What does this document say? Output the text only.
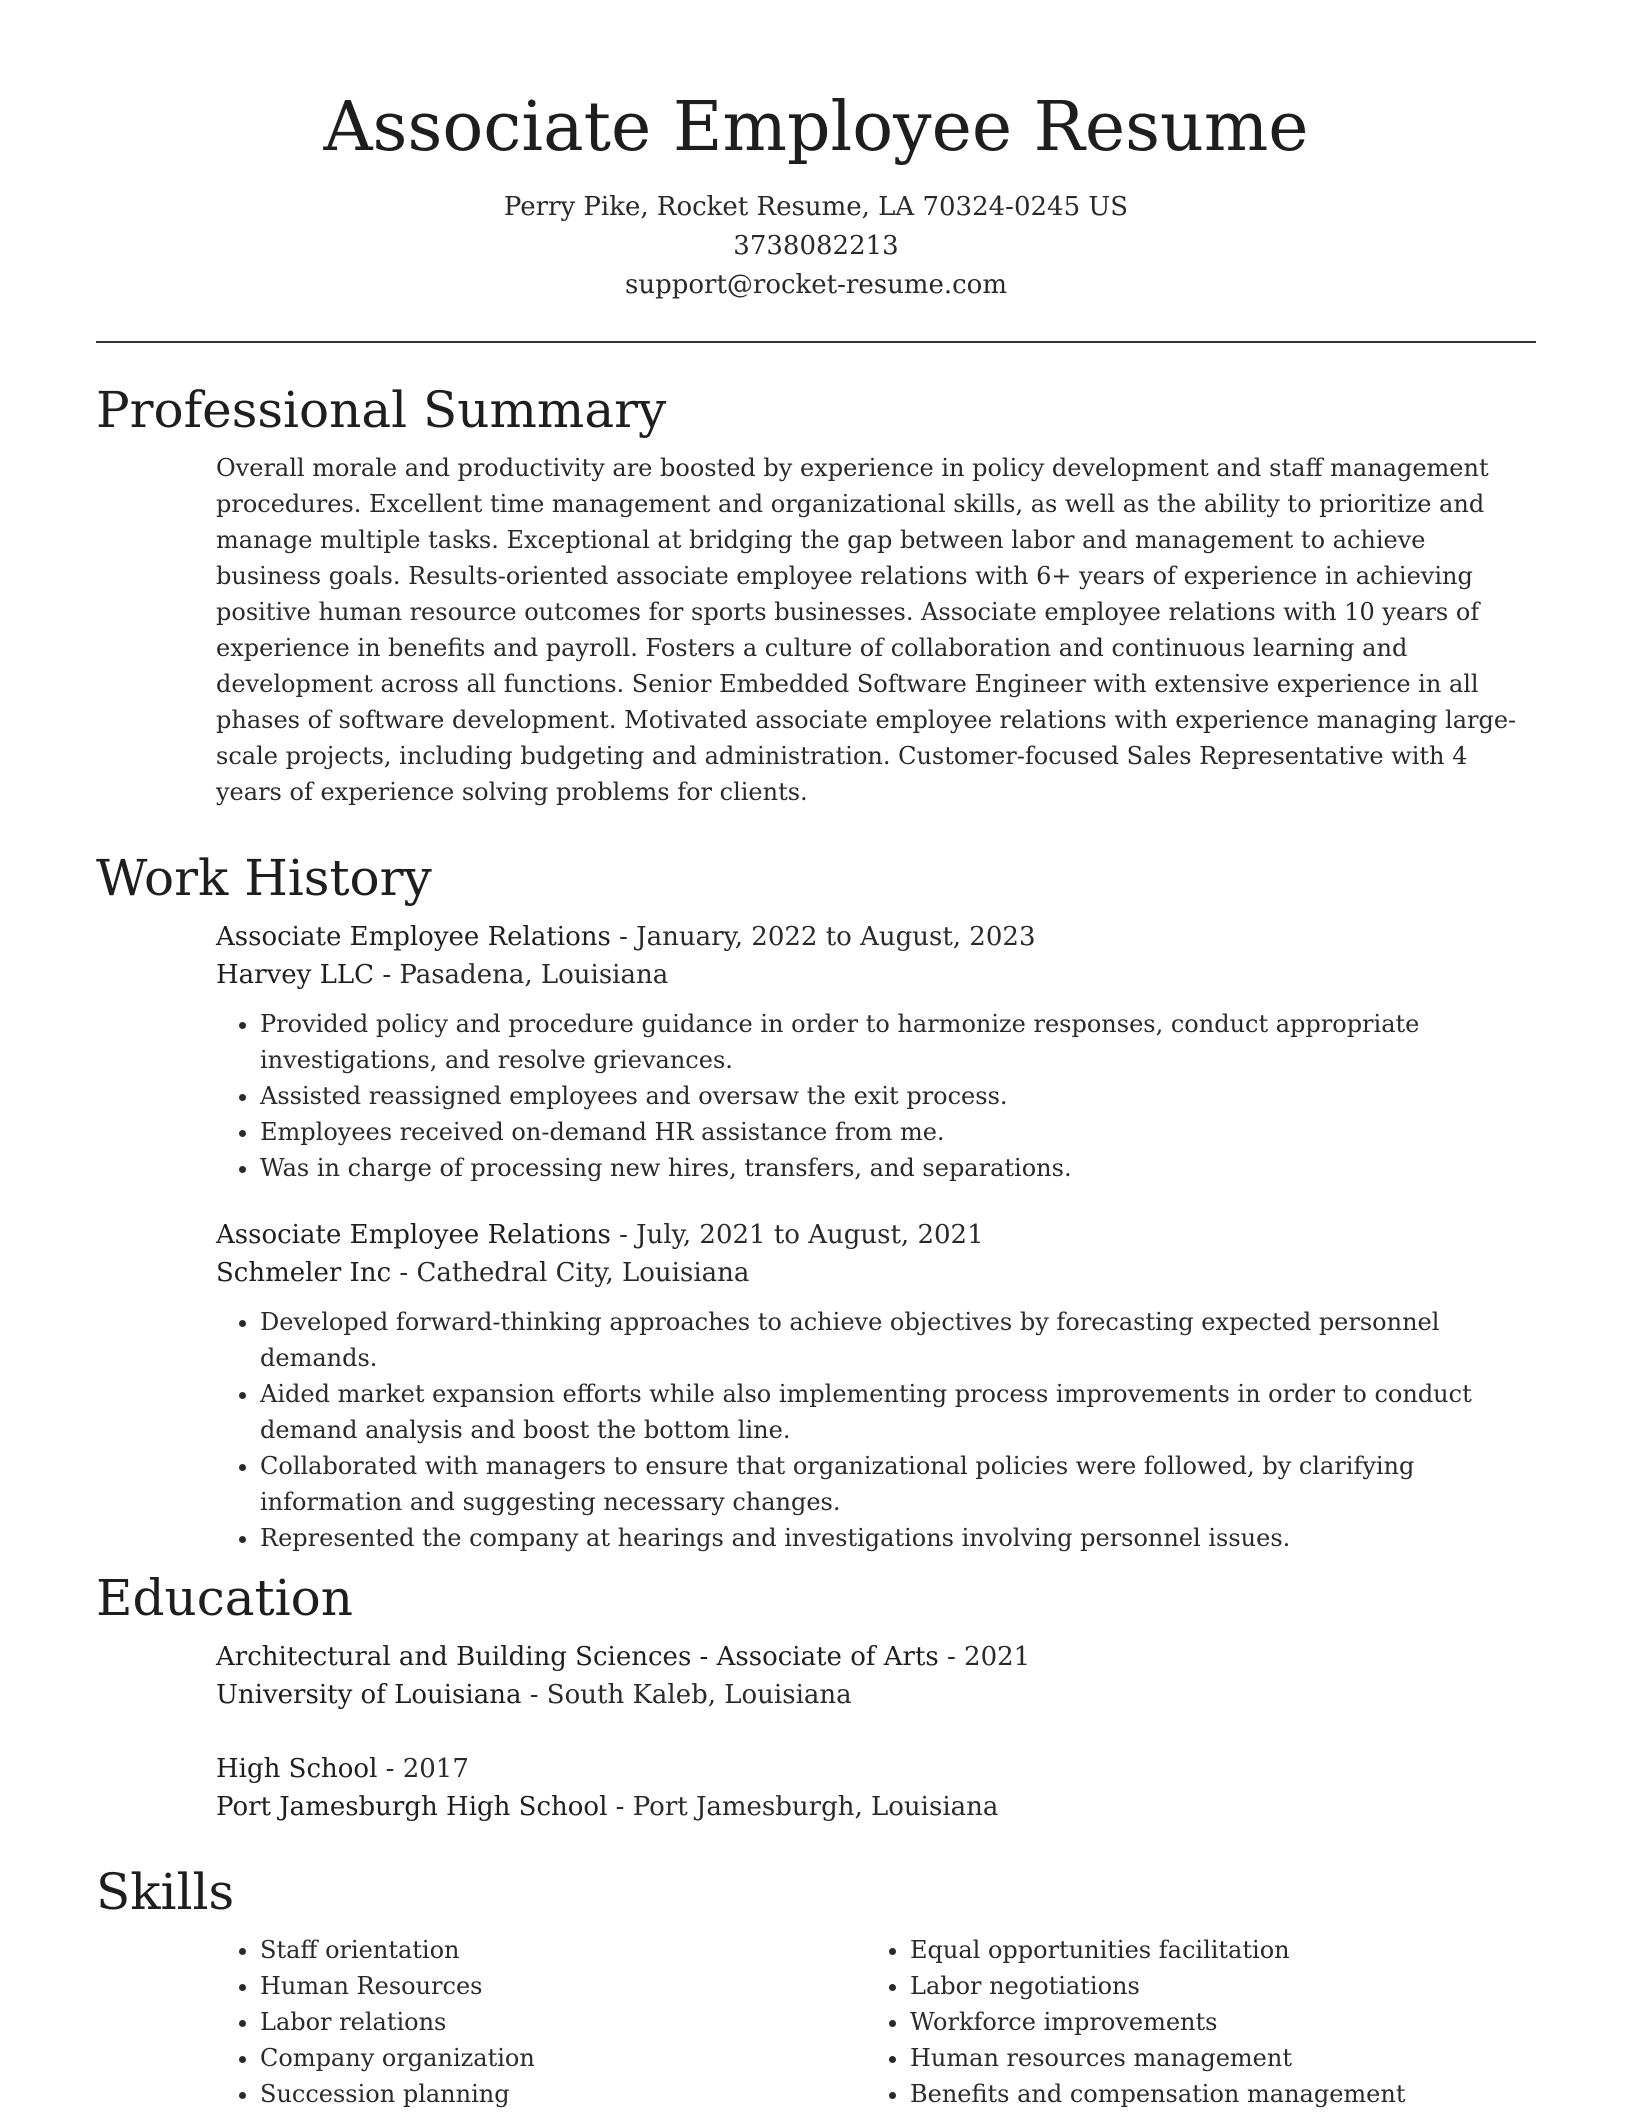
Associate Employee Resume
Perry Pike, Rocket Resume, LA 70324-0245 US
3738082213
support@rocket-resume.com
Professional Summary
Overall morale and productivity are boosted by experience in policy development and staff management procedures. Excellent time management and organizational skills, as well as the ability to prioritize and manage multiple tasks. Exceptional at bridging the gap between labor and management to achieve business goals. Results-oriented associate employee relations with 6+ years of experience in achieving positive human resource outcomes for sports businesses. Associate employee relations with 10 years of experience in benefits and payroll. Fosters a culture of collaboration and continuous learning and development across all functions. Senior Embedded Software Engineer with extensive experience in all phases of software development. Motivated associate employee relations with experience managing large-scale projects, including budgeting and administration. Customer-focused Sales Representative with 4 years of experience solving problems for clients.
Work History
Associate Employee Relations - January, 2022 to August, 2023
Harvey LLC - Pasadena, Louisiana
• Provided policy and procedure guidance in order to harmonize responses, conduct appropriate investigations, and resolve grievances.
• Assisted reassigned employees and oversaw the exit process.
• Employees received on-demand HR assistance from me.
• Was in charge of processing new hires, transfers, and separations.
Associate Employee Relations - July, 2021 to August, 2021
Schmeler Inc - Cathedral City, Louisiana
• Developed forward-thinking approaches to achieve objectives by forecasting expected personnel demands.
• Aided market expansion efforts while also implementing process improvements in order to conduct demand analysis and boost the bottom line.
• Collaborated with managers to ensure that organizational policies were followed, by clarifying information and suggesting necessary changes.
• Represented the company at hearings and investigations involving personnel issues.
Education
Architectural and Building Sciences - Associate of Arts - 2021
University of Louisiana - South Kaleb, Louisiana
High School - 2017
Port Jamesburgh High School - Port Jamesburgh, Louisiana
Skills
• Staff orientation
• Human Resources
• Labor relations
• Company organization
• Succession planning
• Equal opportunities facilitation
• Labor negotiations
• Workforce improvements
• Human resources management
• Benefits and compensation management
